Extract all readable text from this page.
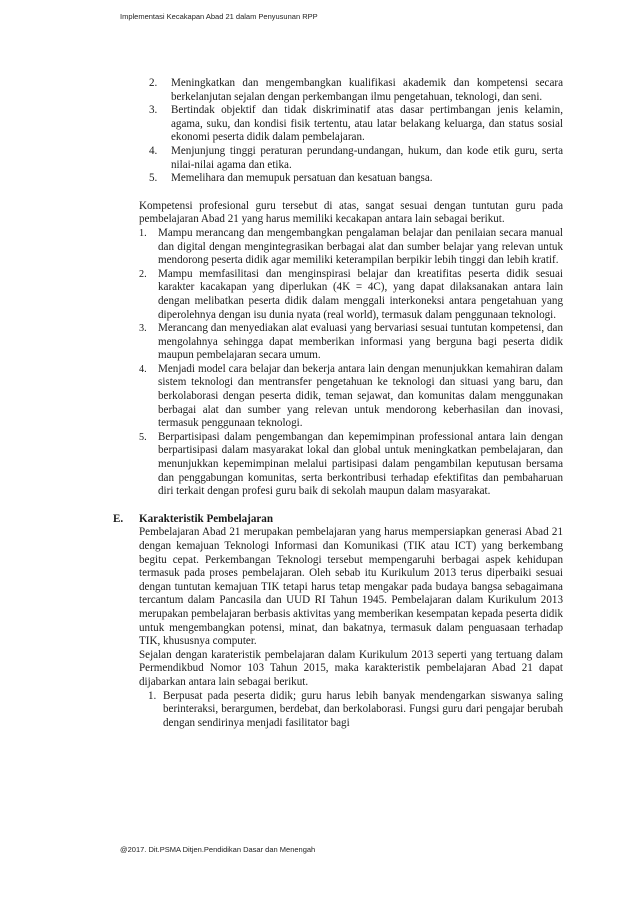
Implementasi Kecakapan Abad 21 dalam Penyusunan RPP
2. Meningkatkan dan mengembangkan kualifikasi akademik dan kompetensi secara berkelanjutan sejalan dengan perkembangan ilmu pengetahuan, teknologi, dan seni.
3. Bertindak objektif dan tidak diskriminatif atas dasar pertimbangan jenis kelamin, agama, suku, dan kondisi fisik tertentu, atau latar belakang keluarga, dan status sosial ekonomi peserta didik dalam pembelajaran.
4. Menjunjung tinggi peraturan perundang-undangan, hukum, dan kode etik guru, serta nilai-nilai agama dan etika.
5. Memelihara dan memupuk persatuan dan kesatuan bangsa.

Kompetensi profesional guru tersebut di atas, sangat sesuai dengan tuntutan guru pada pembelajaran Abad 21 yang harus memiliki kecakapan antara lain sebagai berikut.

1. Mampu merancang dan mengembangkan pengalaman belajar dan penilaian secara manual dan digital dengan mengintegrasikan berbagai alat dan sumber belajar yang relevan untuk mendorong peserta didik agar memiliki keterampilan berpikir lebih tinggi dan lebih kratif.
2. Mampu memfasilitasi dan menginspirasi belajar dan kreatifitas peserta didik sesuai karakter kacakapan yang diperlukan (4K = 4C), yang dapat dilaksanakan antara lain dengan melibatkan peserta didik dalam menggali interkoneksi antara pengetahuan yang diperolehnya dengan isu dunia nyata (real world), termasuk dalam penggunaan teknologi.
3. Merancang dan menyediakan alat evaluasi yang bervariasi sesuai tuntutan kompetensi, dan mengolahnya sehingga dapat memberikan informasi yang berguna bagi peserta didik maupun pembelajaran secara umum.
4. Menjadi model cara belajar dan bekerja antara lain dengan menunjukkan kemahiran dalam sistem teknologi dan mentransfer pengetahuan ke teknologi dan situasi yang baru, dan berkolaborasi dengan peserta didik, teman sejawat, dan komunitas dalam menggunakan berbagai alat dan sumber yang relevan untuk mendorong keberhasilan dan inovasi, termasuk penggunaan teknologi.
5. Berpartisipasi dalam pengembangan dan kepemimpinan professional antara lain dengan berpartisipasi dalam masyarakat lokal dan global untuk meningkatkan pembelajaran, dan menunjukkan kepemimpinan melalui partisipasi dalam pengambilan keputusan bersama dan penggabungan komunitas, serta berkontribusi terhadap efektifitas dan pembaharuan diri terkait dengan profesi guru baik di sekolah maupun dalam masyarakat.
E. Karakteristik Pembelajaran

Pembelajaran Abad 21 merupakan pembelajaran yang harus mempersiapkan generasi Abad 21 dengan kemajuan Teknologi Informasi dan Komunikasi (TIK atau ICT) yang berkembang begitu cepat. Perkembangan Teknologi tersebut mempengaruhi berbagai aspek kehidupan termasuk pada proses pembelajaran. Oleh sebab itu Kurikulum 2013 terus diperbaiki sesuai dengan tuntutan kemajuan TIK tetapi harus tetap mengakar pada budaya bangsa sebagaimana tercantum dalam Pancasila dan UUD RI Tahun 1945. Pembelajaran dalam Kurikulum 2013 merupakan pembelajaran berbasis aktivitas yang memberikan kesempatan kepada peserta didik untuk mengembangkan potensi, minat, dan bakatnya, termasuk dalam penguasaan terhadap TIK, khususnya computer.

Sejalan dengan karateristik pembelajaran dalam Kurikulum 2013 seperti yang tertuang dalam Permendikbud Nomor 103 Tahun 2015, maka karakteristik pembelajaran Abad 21 dapat dijabarkan antara lain sebagai berikut.

1. Berpusat pada peserta didik; guru harus lebih banyak mendengarkan siswanya saling berinteraksi, berargumen, berdebat, dan berkolaborasi. Fungsi guru dari pengajar berubah dengan sendirinya menjadi fasilitator bagi
@2017. Dit.PSMA Ditjen.Pendidikan Dasar dan Menengah
